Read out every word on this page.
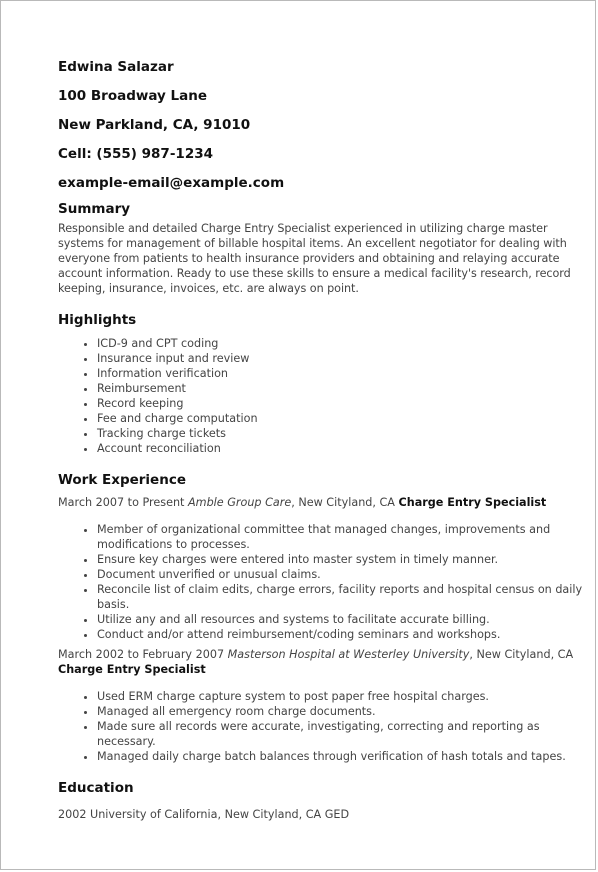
Edwina Salazar
100 Broadway Lane
New Parkland, CA, 91010
Cell: (555) 987-1234
example-email@example.com
Summary

Responsible and detailed Charge Entry Specialist experienced in utilizing charge master systems for management of billable hospital items. An excellent negotiator for dealing with everyone from patients to health insurance providers and obtaining and relaying accurate account information. Ready to use these skills to ensure a medical facility's research, record keeping, insurance, invoices, etc. are always on point.

Highlights
• ICD-9 and CPT coding
• Insurance input and review
• Information verification
• Reimbursement
• Record keeping
• Fee and charge computation
• Tracking charge tickets
• Account reconciliation
Work Experience

March 2007 to Present Amble Group Care, New Cityland, CA Charge Entry Specialist

• Member of organizational committee that managed changes, improvements and modifications to processes.
• Ensure key charges were entered into master system in timely manner.
• Document unverified or unusual claims.
• Reconcile list of claim edits, charge errors, facility reports and hospital census on daily basis.
• Utilize any and all resources and systems to facilitate accurate billing.
• Conduct and/or attend reimbursement/coding seminars and workshops.

March 2002 to February 2007 Masterson Hospital at Westerley University, New Cityland, CA
Charge Entry Specialist

• Used ERM charge capture system to post paper free hospital charges.
• Managed all emergency room charge documents.
• Made sure all records were accurate, investigating, correcting and reporting as necessary.
• Managed daily charge batch balances through verification of hash totals and tapes.
Education

2002 University of California, New Cityland, CA GED
